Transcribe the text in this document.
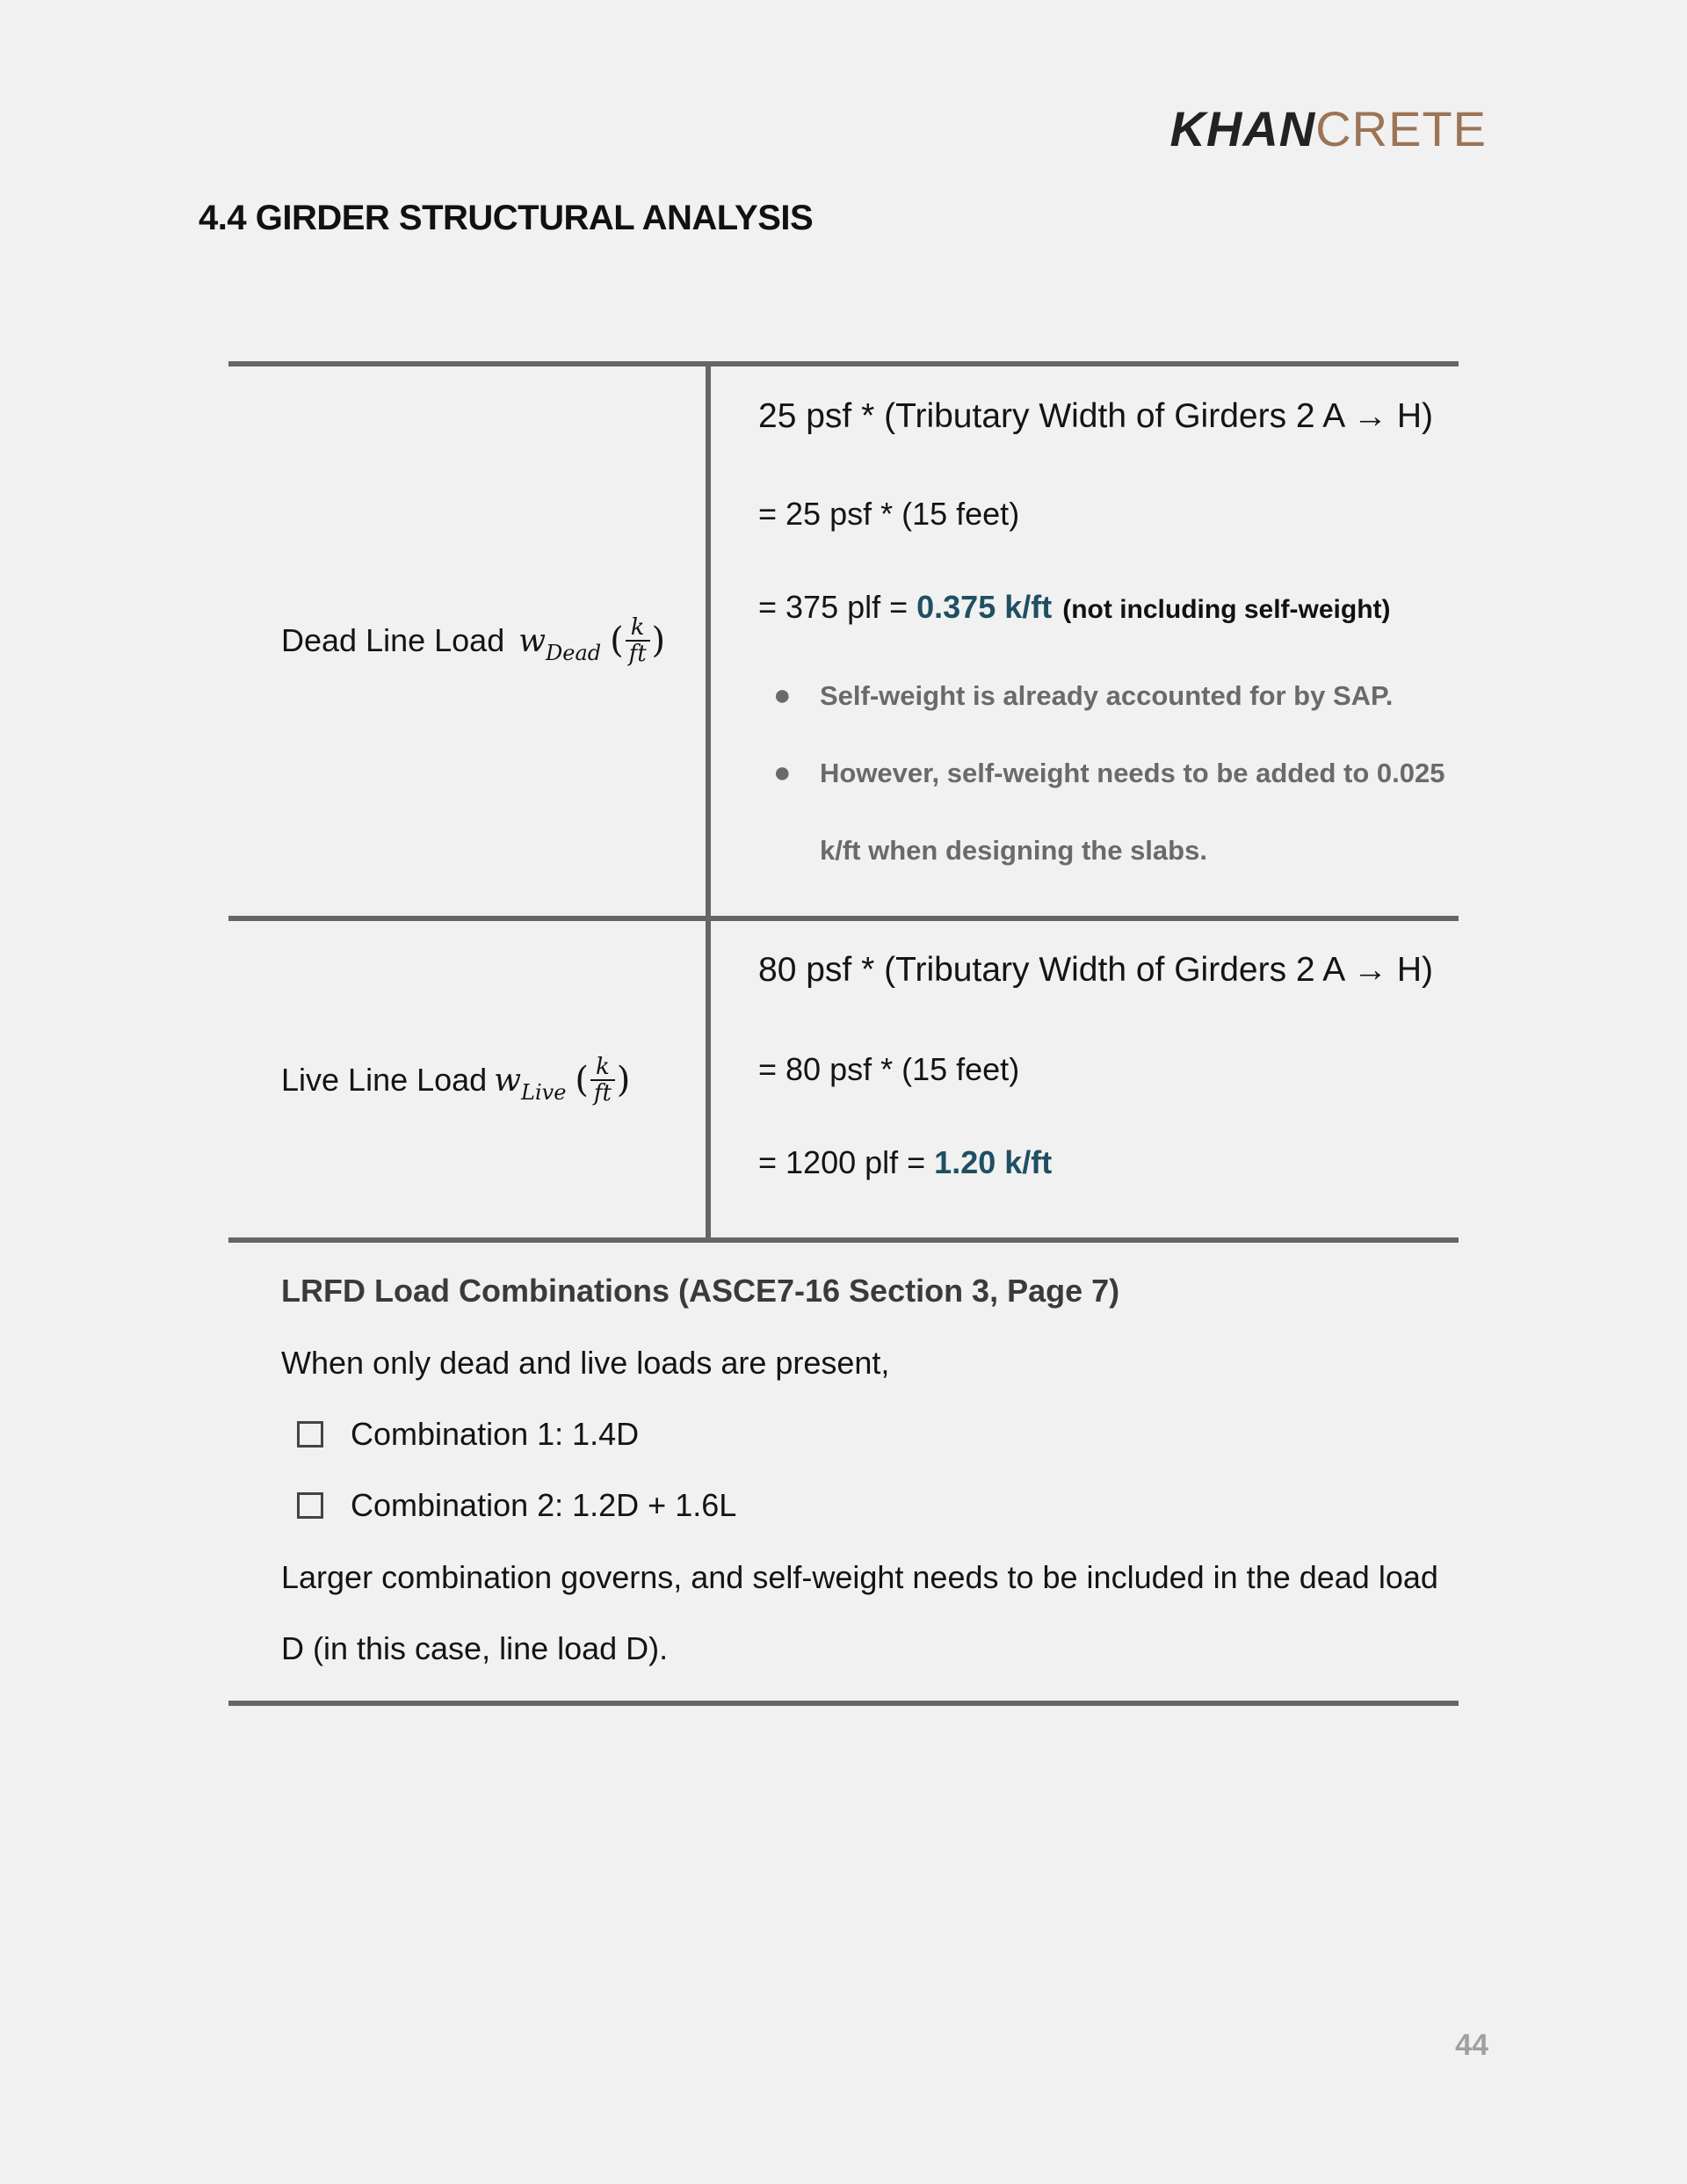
KHANCRETE
4.4 GIRDER STRUCTURAL ANALYSIS
Dead Line Load $w_{Dead}$ ( $\frac{k}{ft}$ )
25 psf * (Tributary Width of Girders 2 A → H)
= 25 psf * (15 feet)
= 375 plf = 0.375 k/ft (not including self-weight)
● Self-weight is already accounted for by SAP.
● However, self-weight needs to be added to 0.025
k/ft when designing the slabs.
Live Line Load $w_{Live}$ ( $\frac{k}{ft}$ )
80 psf * (Tributary Width of Girders 2 A → H)
= 80 psf * (15 feet)
= 1200 plf = 1.20 k/ft
LRFD Load Combinations (ASCE7-16 Section 3, Page 7)
When only dead and live loads are present,
Combination 1: 1.4D
Combination 2: 1.2D + 1.6L
Larger combination governs, and self-weight needs to be included in the dead load
D (in this case, line load D).
44
